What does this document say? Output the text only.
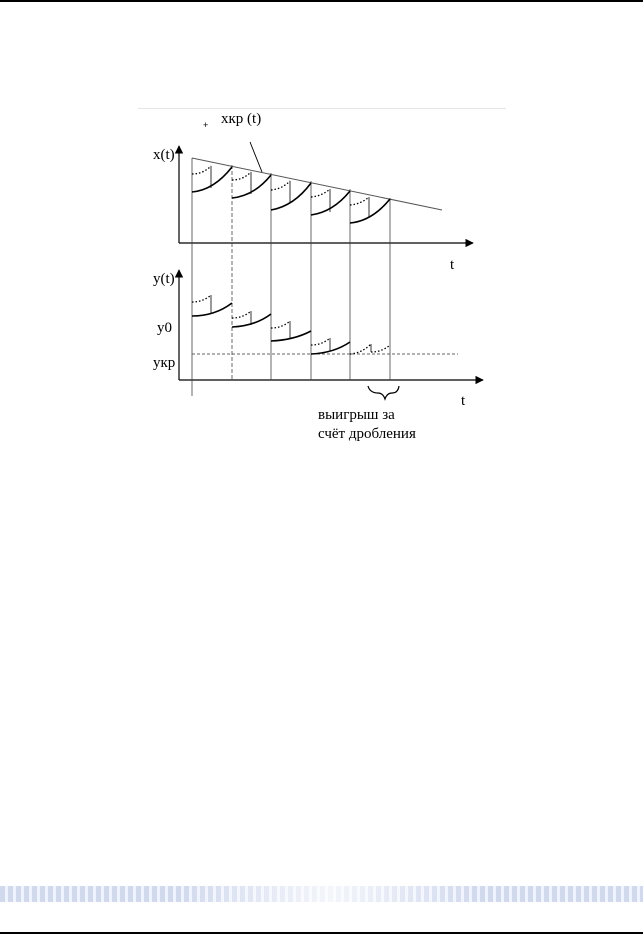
+ xкр (t)
x(t)
t
y(t)
y0
yкр
t
выигрыш за
счёт дробления
